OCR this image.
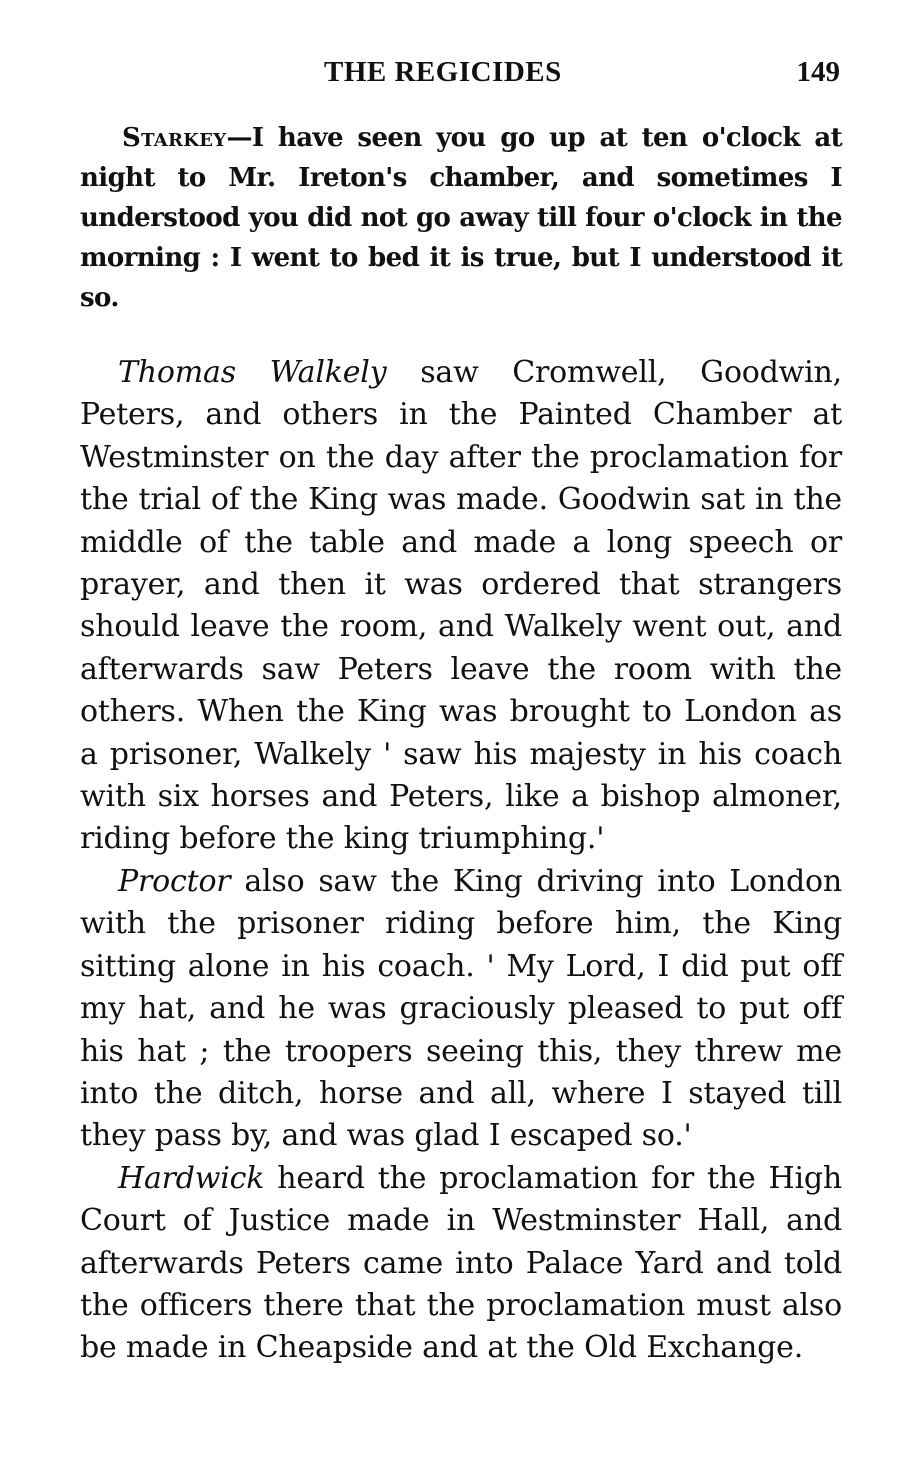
THE REGICIDES	149

Starkey—I have seen you go up at ten o'clock at night to Mr. Ireton's chamber, and sometimes I understood you did not go away till four o'clock in the morning : I went to bed it is true, but I understood it so.

Thomas Walkely saw Cromwell, Goodwin, Peters, and others in the Painted Chamber at Westminster on the day after the proclamation for the trial of the King was made. Goodwin sat in the middle of the table and made a long speech or prayer, and then it was ordered that strangers should leave the room, and Walkely went out, and afterwards saw Peters leave the room with the others. When the King was brought to London as a prisoner, Walkely ' saw his majesty in his coach with six horses and Peters, like a bishop almoner, riding before the king triumphing.'

Proctor also saw the King driving into London with the prisoner riding before him, the King sitting alone in his coach. ' My Lord, I did put off my hat, and he was graciously pleased to put off his hat ; the troopers seeing this, they threw me into the ditch, horse and all, where I stayed till they pass by, and was glad I escaped so.'

Hardwick heard the proclamation for the High Court of Justice made in Westminster Hall, and afterwards Peters came into Palace Yard and told the officers there that the proclamation must also be made in Cheapside and at the Old Exchange.
